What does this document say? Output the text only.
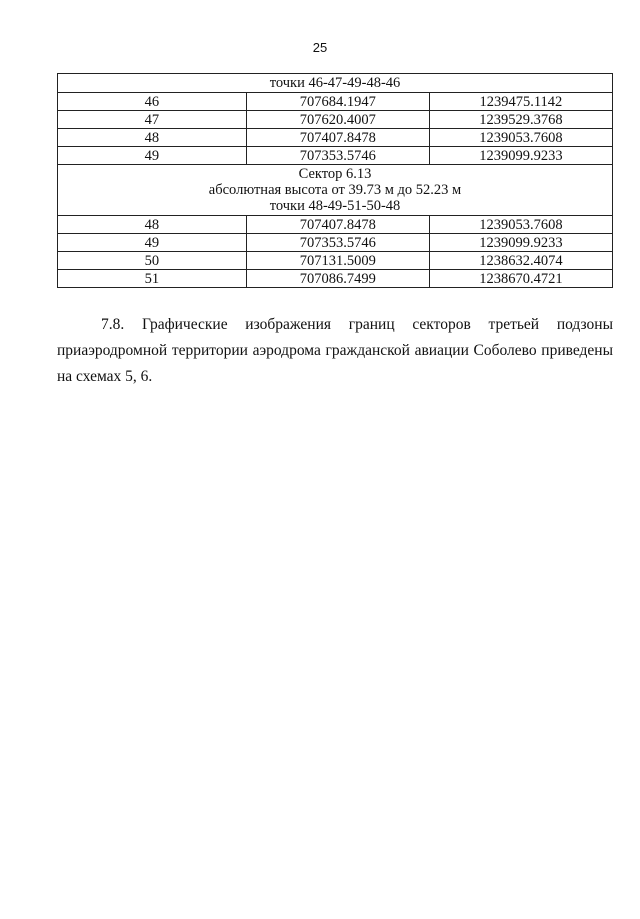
25
точки 46-47-49-48-46		

46	707684.1947	1239475.1142
47	707620.4007	1239529.3768
48	707407.8478	1239053.7608
49	707353.5746	1239099.9233

Сектор 6.13
абсолютная высота от 39.73 м до 52.23 м
точки 48-49-51-50-48		

48	707407.8478	1239053.7608
49	707353.5746	1239099.9233
50	707131.5009	1238632.4074
51	707086.7499	1238670.4721

7.8. Графические изображения границ секторов третьей подзоны приаэродромной территории аэродрома гражданской авиации Соболево приведены на схемах 5, 6.
